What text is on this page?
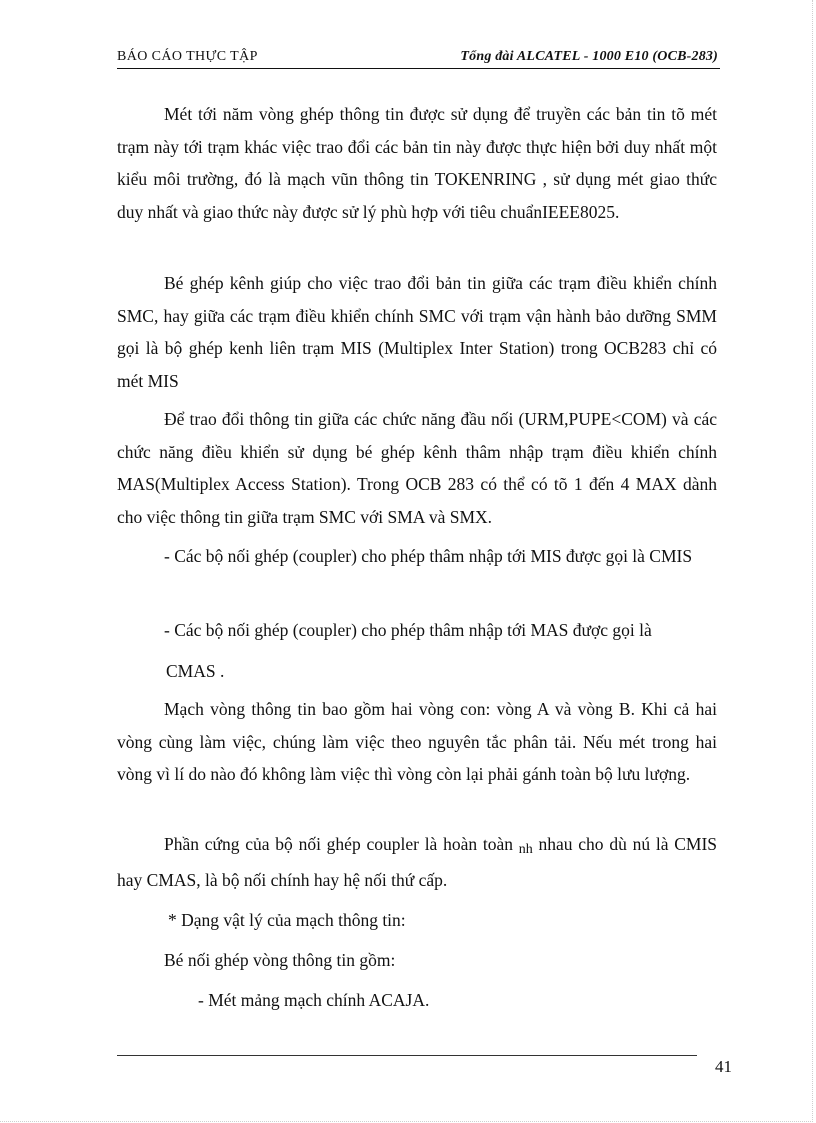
BÁO CÁO THỰC TẬP	Tổng đài ALCATEL - 1000 E10 (OCB-283)

Mét tới năm vòng ghép thông tin được sử dụng để truyền các bản tin tõ mét trạm này tới trạm khác việc trao đổi các bản tin này được thực hiện bởi duy nhất một kiểu môi trường, đó là mạch vũn thông tin TOKENRING , sử dụng mét giao thức duy nhất và giao thức này được sử lý phù hợp với tiêu chuẩnIEEE8025.

Bé ghép kênh giúp cho việc trao đổi bản tin giữa các trạm điều khiển chính SMC, hay giữa các trạm điều khiển chính SMC với trạm vận hành bảo dưỡng SMM gọi là bộ ghép kenh liên trạm MIS (Multiplex Inter Station) trong OCB283 chỉ có mét MIS

Để trao đổi thông tin giữa các chức năng đầu nối (URM,PUPE<COM) và các chức năng điều khiển sử dụng bé ghép kênh thâm nhập trạm điều khiển chính MAS(Multiplex Access Station). Trong OCB 283 có thể có tõ 1 đến 4 MAX dành cho việc thông tin giữa trạm SMC với SMA và SMX.

- Các bộ nối ghép (coupler) cho phép thâm nhập tới MIS được gọi là CMIS

- Các bộ nối ghép (coupler) cho phép thâm nhập tới MAS được gọi là
CMAS .

Mạch vòng thông tin bao gồm hai vòng con: vòng A và vòng B. Khi cả hai vòng cùng làm việc, chúng làm việc theo nguyên tắc phân tải. Nếu mét trong hai vòng vì lí do nào đó không làm việc thì vòng còn lại phải gánh toàn bộ lưu lượng.

Phần cứng của bộ nối ghép coupler là hoàn toàn nh nhau cho dù nú là CMIS hay CMAS, là bộ nối chính hay hệ nối thứ cấp.

* Dạng vật lý của mạch thông tin:
Bé nối ghép vòng thông tin gồm:
- Mét mảng mạch chính ACAJA.
41
